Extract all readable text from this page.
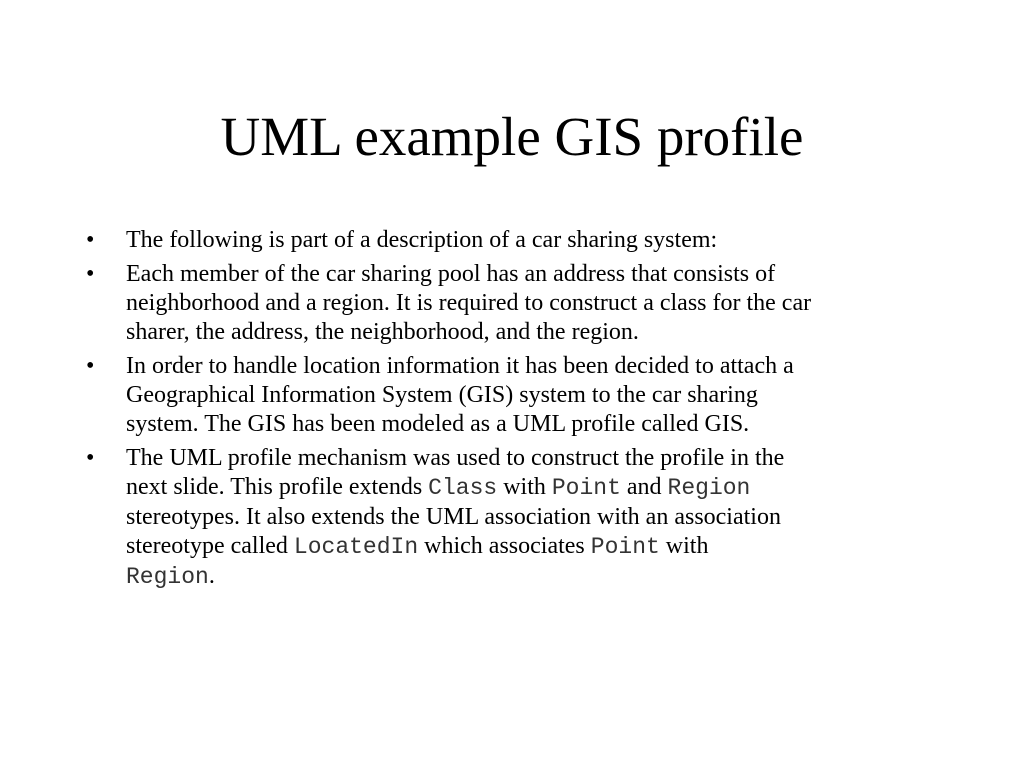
UML example GIS profile
• The following is part of a description of a car sharing system:
• Each member of the car sharing pool has an address that consists of
neighborhood and a region. It is required to construct a class for the car
sharer, the address, the neighborhood, and the region.
• In order to handle location information it has been decided to attach a
Geographical Information System (GIS) system to the car sharing
system. The GIS has been modeled as a UML profile called GIS.
• The UML profile mechanism was used to construct the profile in the
next slide. This profile extends Class with Point and Region
stereotypes. It also extends the UML association with an association
stereotype called LocatedIn which associates Point with
Region.
